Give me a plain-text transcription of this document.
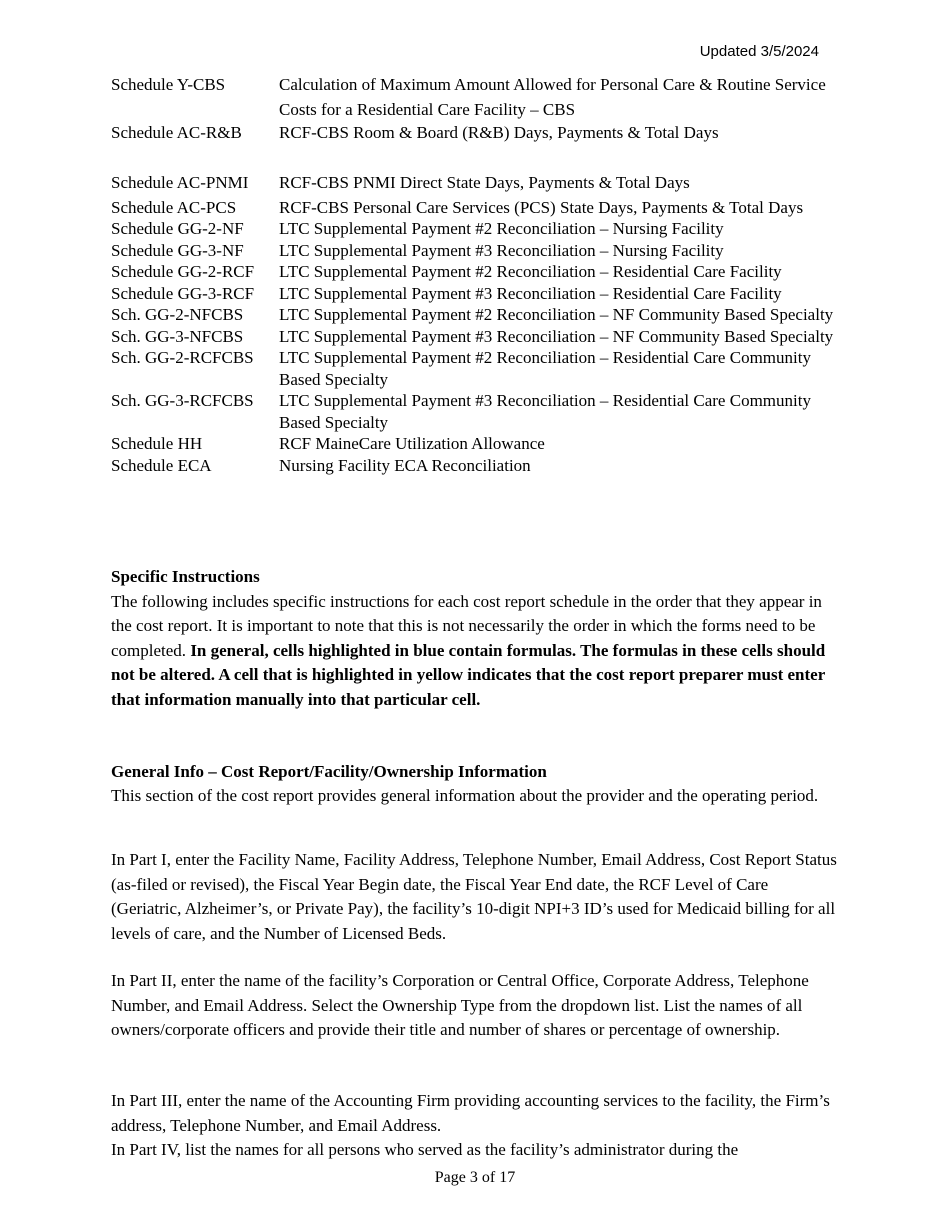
Updated 3/5/2024
Schedule Y-CBS	Calculation of Maximum Amount Allowed for Personal Care & Routine Service Costs for a Residential Care Facility – CBS
Schedule AC-R&B	RCF-CBS Room & Board (R&B) Days, Payments & Total Days
Schedule AC-PNMI	RCF-CBS PNMI Direct State Days, Payments & Total Days
Schedule AC-PCS	RCF-CBS Personal Care Services (PCS) State Days, Payments & Total Days
Schedule GG-2-NF	LTC Supplemental Payment #2 Reconciliation – Nursing Facility
Schedule GG-3-NF	LTC Supplemental Payment #3 Reconciliation – Nursing Facility
Schedule GG-2-RCF	LTC Supplemental Payment #2 Reconciliation – Residential Care Facility
Schedule GG-3-RCF	LTC Supplemental Payment #3 Reconciliation – Residential Care Facility
Sch. GG-2-NFCBS	LTC Supplemental Payment #2 Reconciliation – NF Community Based Specialty
Sch. GG-3-NFCBS	LTC Supplemental Payment #3 Reconciliation – NF Community Based Specialty
Sch. GG-2-RCFCBS	LTC Supplemental Payment #2 Reconciliation – Residential Care Community Based Specialty
Sch. GG-3-RCFCBS	LTC Supplemental Payment #3 Reconciliation – Residential Care Community Based Specialty
Schedule HH	RCF MaineCare Utilization Allowance
Schedule ECA	Nursing Facility ECA Reconciliation

Specific Instructions

The following includes specific instructions for each cost report schedule in the order that they appear in the cost report. It is important to note that this is not necessarily the order in which the forms need to be completed. In general, cells highlighted in blue contain formulas. The formulas in these cells should not be altered. A cell that is highlighted in yellow indicates that the cost report preparer must enter that information manually into that particular cell.

General Info – Cost Report/Facility/Ownership Information

This section of the cost report provides general information about the provider and the operating period.

In Part I, enter the Facility Name, Facility Address, Telephone Number, Email Address, Cost Report Status (as-filed or revised), the Fiscal Year Begin date, the Fiscal Year End date, the RCF Level of Care (Geriatric, Alzheimer’s, or Private Pay), the facility’s 10-digit NPI+3 ID’s used for Medicaid billing for all levels of care, and the Number of Licensed Beds.

In Part II, enter the name of the facility’s Corporation or Central Office, Corporate Address, Telephone Number, and Email Address. Select the Ownership Type from the dropdown list. List the names of all owners/corporate officers and provide their title and number of shares or percentage of ownership.

In Part III, enter the name of the Accounting Firm providing accounting services to the facility, the Firm’s address, Telephone Number, and Email Address.

In Part IV, list the names for all persons who served as the facility’s administrator during the

Page 3 of 17
